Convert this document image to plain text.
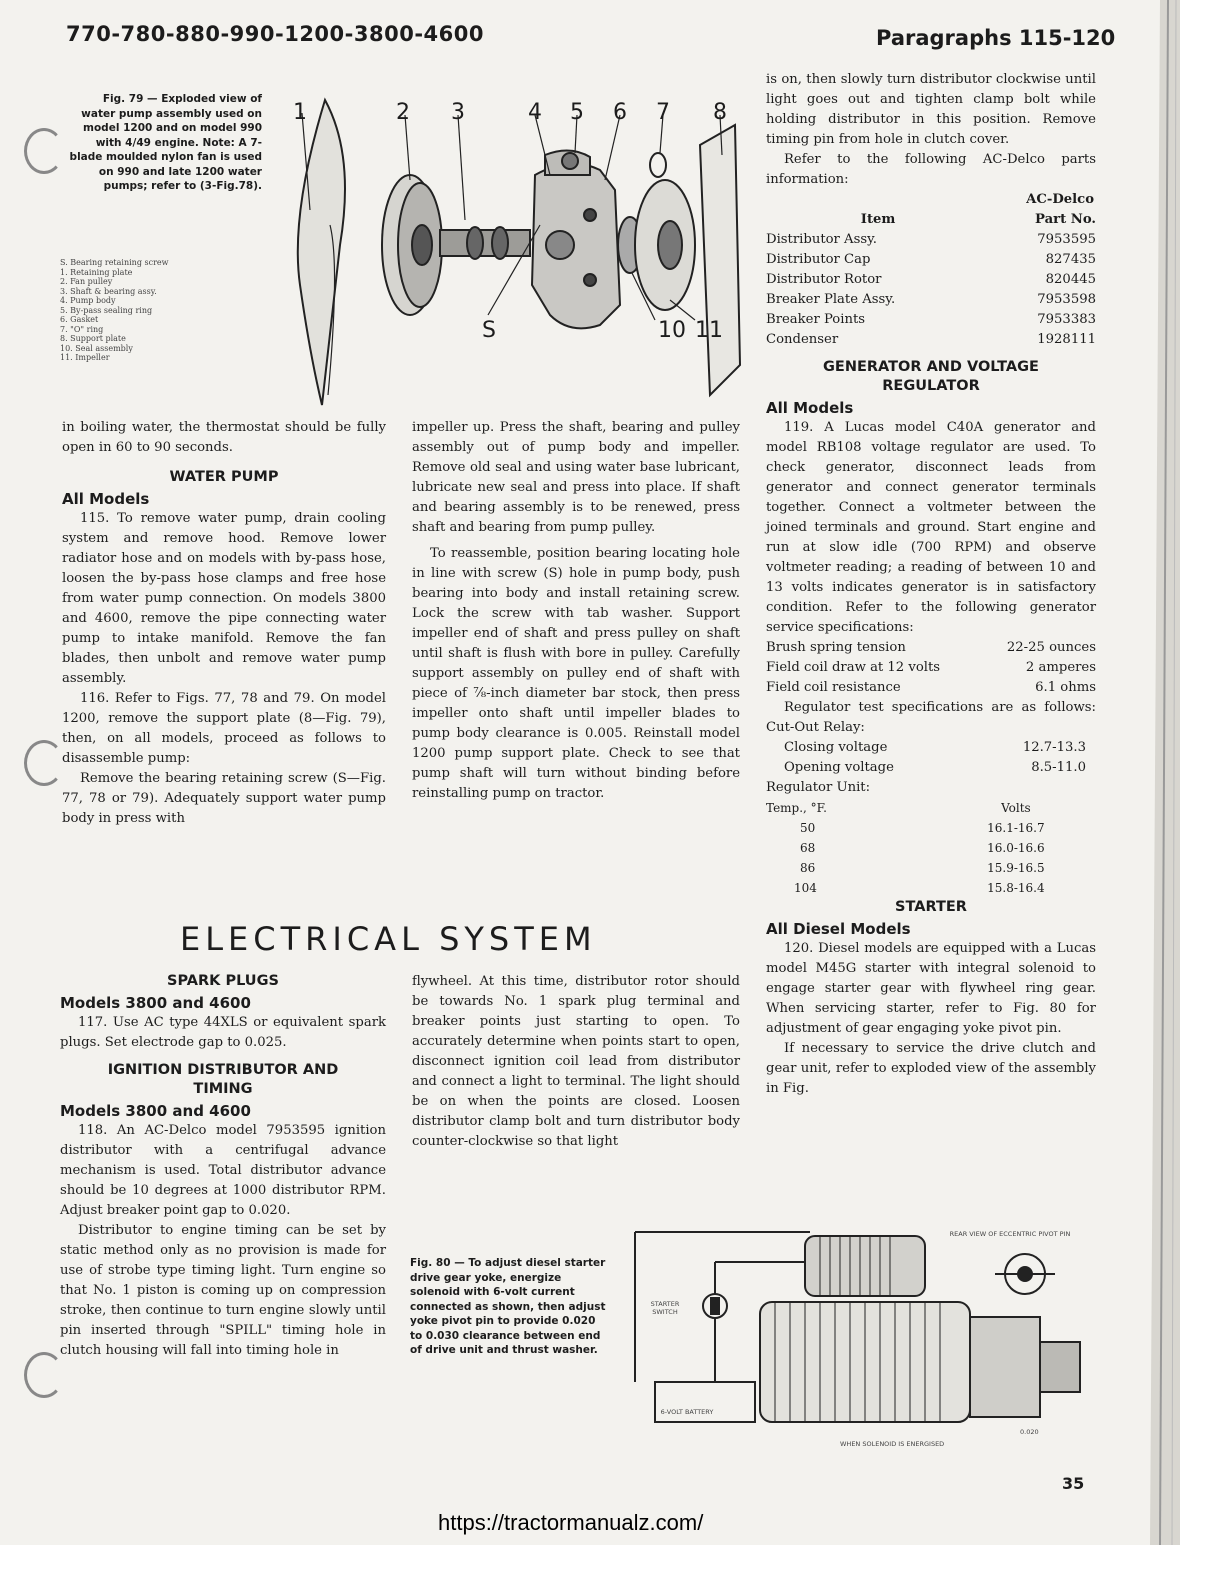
770-780-880-990-1200-3800-4600	Paragraphs 115-120
Fig. 79 — Exploded view of water pump assembly used on model 1200 and on model 990 with 4/49 engine. Note: A 7-blade moulded nylon fan is used on 990 and late 1200 water pumps; refer to (3-Fig.78).
S. Bearing retaining screw
1. Retaining plate
2. Fan pulley
3. Shaft & bearing assy.
4. Pump body
5. By-pass sealing ring
6. Gasket
7. "O" ring
8. Support plate
10. Seal assembly
11. Impeller
1	2 3	4 5 6 7 8
S	10 11

in boiling water, the thermostat should be fully open in 60 to 90 seconds.

WATER PUMP
All Models

115. To remove water pump, drain cooling system and remove hood. Remove lower radiator hose and on models with by-pass hose, loosen the by-pass hose clamps and free hose from water pump connection. On models 3800 and 4600, remove the pipe connecting water pump to intake manifold. Remove the fan blades, then unbolt and remove water pump assembly.

116. Refer to Figs. 77, 78 and 79. On model 1200, remove the support plate (8—Fig. 79), then, on all models, proceed as follows to disassemble pump:

Remove the bearing retaining screw (S—Fig. 77, 78 or 79). Adequately support water pump body in press with

impeller up. Press the shaft, bearing and pulley assembly out of pump body and impeller. Remove old seal and using water base lubricant, lubricate new seal and press into place. If shaft and bearing assembly is to be renewed, press shaft and bearing from pump pulley.

To reassemble, position bearing locating hole in line with screw (S) hole in pump body, push bearing into body and install retaining screw. Lock the screw with tab washer. Support impeller end of shaft and press pulley on shaft until shaft is flush with bore in pulley. Carefully support assembly on pulley end of shaft with piece of ⅞-inch diameter bar stock, then press impeller onto shaft until impeller blades to pump body clearance is 0.005. Reinstall model 1200 pump support plate. Check to see that pump shaft will turn without binding before reinstalling pump on tractor.

is on, then slowly turn distributor clockwise until light goes out and tighten clamp bolt while holding distributor in this position. Remove timing pin from hole in clutch cover.

Refer to the following AC-Delco parts information:

AC-Delco
Item	Part No.
Distributor Assy.	7953595
Distributor Cap	827435
Distributor Rotor	820445
Breaker Plate Assy.	7953598
Breaker Points	7953383
Condenser	1928111
GENERATOR AND VOLTAGE REGULATOR
All Models

119. A Lucas model C40A generator and model RB108 voltage regulator are used. To check generator, disconnect leads from generator and connect generator terminals together. Connect a voltmeter between the joined terminals and ground. Start engine and run at slow idle (700 RPM) and observe voltmeter reading; a reading of between 10 and 13 volts indicates generator is in satisfactory condition. Refer to the following generator service specifications:

Brush spring tension	22-25 ounces
Field coil draw at 12 volts	2 amperes
Field coil resistance	6.1 ohms

Regulator test specifications are as follows: Cut-Out Relay:

Closing voltage	12.7-13.3
Opening voltage	8.5-11.0
Regulator Unit:
Temp., °F.	Volts
50	16.1-16.7
68	16.0-16.6
86	15.9-16.5
104	15.8-16.4
STARTER
All Diesel Models

120. Diesel models are equipped with a Lucas model M45G starter with integral solenoid to engage starter gear with flywheel ring gear. When servicing starter, refer to Fig. 80 for adjustment of gear engaging yoke pivot pin.

If necessary to service the drive clutch and gear unit, refer to exploded view of the assembly in Fig.

ELECTRICAL SYSTEM
SPARK PLUGS
Models 3800 and 4600

117. Use AC type 44XLS or equivalent spark plugs. Set electrode gap to 0.025.

IGNITION DISTRIBUTOR AND TIMING
Models 3800 and 4600

118. An AC-Delco model 7953595 ignition distributor with a centrifugal advance mechanism is used. Total distributor advance should be 10 degrees at 1000 distributor RPM. Adjust breaker point gap to 0.020.

Distributor to engine timing can be set by static method only as no provision is made for use of strobe type timing light. Turn engine so that No. 1 piston is coming up on compression stroke, then continue to turn engine slowly until pin inserted through "SPILL" timing hole in clutch housing will fall into timing hole in

flywheel. At this time, distributor rotor should be towards No. 1 spark plug terminal and breaker points just starting to open. To accurately determine when points start to open, disconnect ignition coil lead from distributor and connect a light to terminal. The light should be on when the points are closed. Loosen distributor clamp bolt and turn distributor body counter-clockwise so that light

Fig. 80 — To adjust diesel starter drive gear yoke, energize solenoid with 6-volt current connected as shown, then adjust yoke pivot pin to provide 0.020 to 0.030 clearance between end of drive unit and thrust washer.
REAR VIEW OF ECCENTRIC PIVOT PIN
STARTER SWITCH
6-VOLT BATTERY
0.020
WHEN SOLENOID IS ENERGISED
35
https://tractormanualz.com/
